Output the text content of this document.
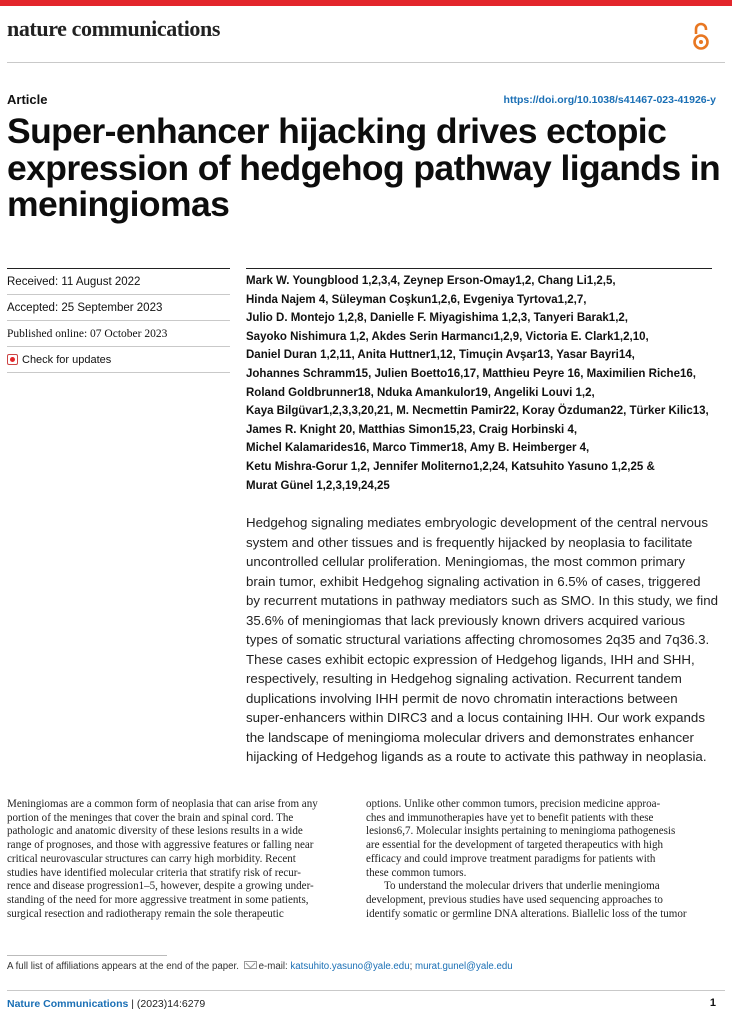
nature communications
Article	https://doi.org/10.1038/s41467-023-41926-y
Super-enhancer hijacking drives ectopic expression of hedgehog pathway ligands in meningiomas
Received: 11 August 2022
Accepted: 25 September 2023
Published online: 07 October 2023
Check for updates

Mark W. Youngblood 1,2,3,4, Zeynep Erson-Omay1,2, Chang Li1,2,5,

Hinda Najem 4, Süleyman Coşkun1,2,6, Evgeniya Tyrtova1,2,7,

Julio D. Montejo 1,2,8, Danielle F. Miyagishima 1,2,3, Tanyeri Barak1,2,

Sayoko Nishimura 1,2, Akdes Serin Harmancı1,2,9, Victoria E. Clark1,2,10,

Daniel Duran 1,2,11, Anita Huttner1,12, Timuçin Avşar13, Yasar Bayri14,

Johannes Schramm15, Julien Boetto16,17, Matthieu Peyre 16, Maximilien Riche16,

Roland Goldbrunner18, Nduka Amankulor19, Angeliki Louvi 1,2,

Kaya Bilgüvar1,2,3,3,20,21, M. Necmettin Pamir22, Koray Özduman22, Türker Kilic13,

James R. Knight 20, Matthias Simon15,23, Craig Horbinski 4,

Michel Kalamarides16, Marco Timmer18, Amy B. Heimberger 4,

Ketu Mishra-Gorur 1,2, Jennifer Moliterno1,2,24, Katsuhito Yasuno 1,2,25 &

Murat Günel 1,2,3,19,24,25

Hedgehog signaling mediates embryologic development of the central nervous

system and other tissues and is frequently hijacked by neoplasia to facilitate

uncontrolled cellular proliferation. Meningiomas, the most common primary

brain tumor, exhibit Hedgehog signaling activation in 6.5% of cases, triggered

by recurrent mutations in pathway mediators such as SMO. In this study, we find

35.6% of meningiomas that lack previously known drivers acquired various

types of somatic structural variations affecting chromosomes 2q35 and 7q36.3.

These cases exhibit ectopic expression of Hedgehog ligands, IHH and SHH,

respectively, resulting in Hedgehog signaling activation. Recurrent tandem

duplications involving IHH permit de novo chromatin interactions between

super-enhancers within DIRC3 and a locus containing IHH. Our work expands

the landscape of meningioma molecular drivers and demonstrates enhancer

hijacking of Hedgehog ligands as a route to activate this pathway in neoplasia.

Meningiomas are a common form of neoplasia that can arise from any

portion of the meninges that cover the brain and spinal cord. The

pathologic and anatomic diversity of these lesions results in a wide

range of prognoses, and those with aggressive features or falling near

critical neurovascular structures can carry high morbidity. Recent

studies have identified molecular criteria that stratify risk of recur-

rence and disease progression1–5, however, despite a growing under-

standing of the need for more aggressive treatment in some patients,

surgical resection and radiotherapy remain the sole therapeutic

options. Unlike other common tumors, precision medicine approa-

ches and immunotherapies have yet to benefit patients with these

lesions6,7. Molecular insights pertaining to meningioma pathogenesis

are essential for the development of targeted therapeutics with high

efficacy and could improve treatment paradigms for patients with

these common tumors.

To understand the molecular drivers that underlie meningioma

development, previous studies have used sequencing approaches to

identify somatic or germline DNA alterations. Biallelic loss of the tumor

A full list of affiliations appears at the end of the paper. e-mail: katsuhito.yasuno@yale.edu; murat.gunel@yale.edu
Nature Communications | (2023)14:6279	1
